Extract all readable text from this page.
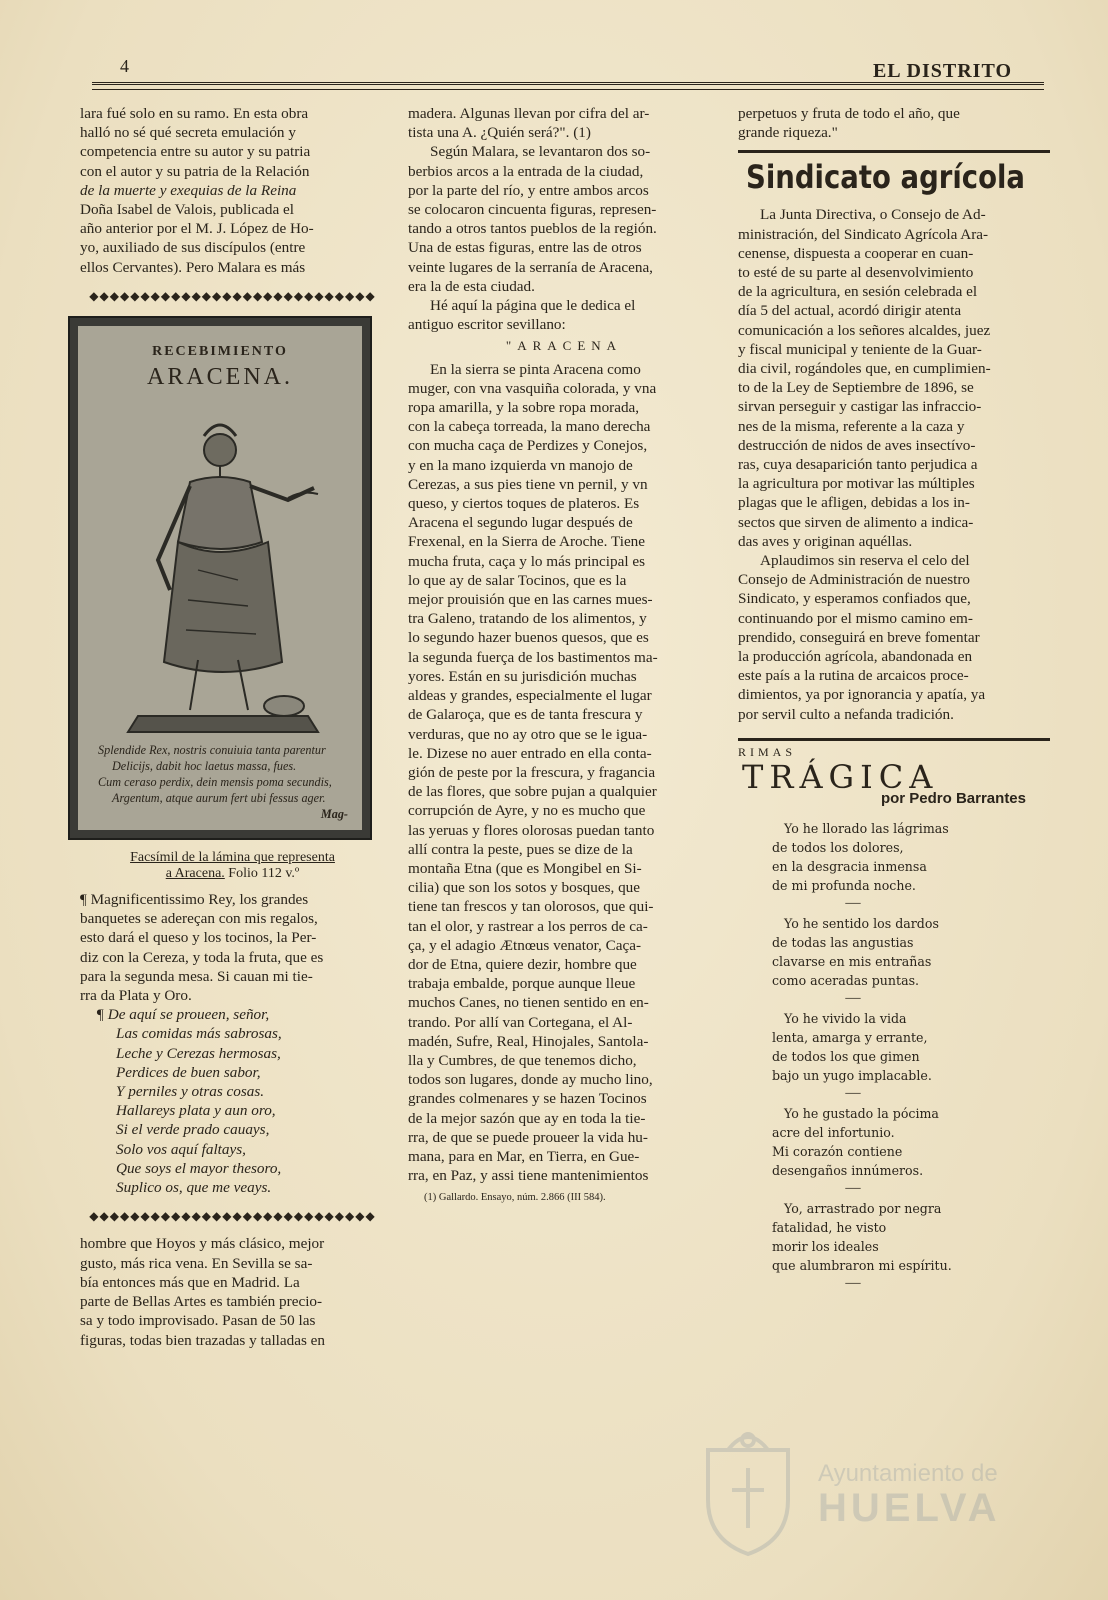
4	EL DISTRITO

lara fué solo en su ramo. En esta obra

halló no sé qué secreta emulación y

competencia entre su autor y su patria

con el autor y su patria de la Relación

de la muerte y exequias de la Reina

Doña Isabel de Valois, publicada el

año anterior por el M. J. López de Ho-

yo, auxiliado de sus discípulos (entre

ellos Cervantes). Pero Malara es más

◆◆◆◆◆◆◆◆◆◆◆◆◆◆◆◆◆◆◆◆◆◆◆◆◆◆◆◆
RECEBIMIENTO
ARACENA.
Splendide Rex, nostris conuiuia tanta parentur
Delicijs, dabit hoc laetus massa, fues.
Cum ceraso perdix, dein mensis poma secundis,
Argentum, atque aurum fert ubi fessus ager.
Mag-
Facsímil de la lámina que representa
a Aracena. Folio 112 v.º

¶ Magnificentissimo Rey, los grandes

banquetes se adereçan con mis regalos,

esto dará el queso y los tocinos, la Per-

diz con la Cereza, y toda la fruta, que es

para la segunda mesa. Si cauan mi tie-

rra da Plata y Oro.

¶ De aquí se proueen, señor,
Las comidas más sabrosas,
Leche y Cerezas hermosas,
Perdices de buen sabor,
Y perniles y otras cosas.
Hallareys plata y aun oro,
Si el verde prado cauays,
Solo vos aquí faltays,
Que soys el mayor thesoro,
Suplico os, que me veays.
◆◆◆◆◆◆◆◆◆◆◆◆◆◆◆◆◆◆◆◆◆◆◆◆◆◆◆◆

hombre que Hoyos y más clásico, mejor

gusto, más rica vena. En Sevilla se sa-

bía entonces más que en Madrid. La

parte de Bellas Artes es también precio-

sa y todo improvisado. Pasan de 50 las

figuras, todas bien trazadas y talladas en

madera. Algunas llevan por cifra del ar-

tista una A. ¿Quién será?". (1)

Según Malara, se levantaron dos so-

berbios arcos a la entrada de la ciudad,

por la parte del río, y entre ambos arcos

se colocaron cincuenta figuras, represen-

tando a otros tantos pueblos de la región.

Una de estas figuras, entre las de otros

veinte lugares de la serranía de Aracena,

era la de esta ciudad.

Hé aquí la página que le dedica el

antiguo escritor sevillano:

"ARACENA

En la sierra se pinta Aracena como

muger, con vna vasquiña colorada, y vna

ropa amarilla, y la sobre ropa morada,

con la cabeça torreada, la mano derecha

con mucha caça de Perdizes y Conejos,

y en la mano izquierda vn manojo de

Cerezas, a sus pies tiene vn pernil, y vn

queso, y ciertos toques de plateros. Es

Aracena el segundo lugar después de

Frexenal, en la Sierra de Aroche. Tiene

mucha fruta, caça y lo más principal es

lo que ay de salar Tocinos, que es la

mejor prouisión que en las carnes mues-

tra Galeno, tratando de los alimentos, y

lo segundo hazer buenos quesos, que es

la segunda fuerça de los bastimentos ma-

yores. Están en su jurisdición muchas

aldeas y grandes, especialmente el lugar

de Galaroça, que es de tanta frescura y

verduras, que no ay otro que se le igua-

le. Dizese no auer entrado en ella conta-

gión de peste por la frescura, y fragancia

de las flores, que sobre pujan a qualquier

corrupción de Ayre, y no es mucho que

las yeruas y flores olorosas puedan tanto

allí contra la peste, pues se dize de la

montaña Etna (que es Mongibel en Si-

cilia) que son los sotos y bosques, que

tiene tan frescos y tan olorosos, que qui-

tan el olor, y rastrear a los perros de ca-

ça, y el adagio Ætnœus venator, Caça-

dor de Etna, quiere dezir, hombre que

trabaja embalde, porque aunque lleue

muchos Canes, no tienen sentido en en-

trando. Por allí van Cortegana, el Al-

madén, Sufre, Real, Hinojales, Santola-

lla y Cumbres, de que tenemos dicho,

todos son lugares, donde ay mucho lino,

grandes colmenares y se hazen Tocinos

de la mejor sazón que ay en toda la tie-

rra, de que se puede proueer la vida hu-

mana, para en Mar, en Tierra, en Gue-

rra, en Paz, y assi tiene mantenimientos

(1) Gallardo. Ensayo, núm. 2.866 (III 584).

perpetuos y fruta de todo el año, que

grande riqueza."

Sindicato agrícola

La Junta Directiva, o Consejo de Ad-

ministración, del Sindicato Agrícola Ara-

cenense, dispuesta a cooperar en cuan-

to esté de su parte al desenvolvimiento

de la agricultura, en sesión celebrada el

día 5 del actual, acordó dirigir atenta

comunicación a los señores alcaldes, juez

y fiscal municipal y teniente de la Guar-

dia civil, rogándoles que, en cumplimien-

to de la Ley de Septiembre de 1896, se

sirvan perseguir y castigar las infraccio-

nes de la misma, referente a la caza y

destrucción de nidos de aves insectívo-

ras, cuya desaparición tanto perjudica a

la agricultura por motivar las múltiples

plagas que le afligen, debidas a los in-

sectos que sirven de alimento a indica-

das aves y originan aquéllas.

Aplaudimos sin reserva el celo del

Consejo de Administración de nuestro

Sindicato, y esperamos confiados que,

continuando por el mismo camino em-

prendido, conseguirá en breve fomentar

la producción agrícola, abandonada en

este país a la rutina de arcaicos proce-

dimientos, ya por ignorancia y apatía, ya

por servil culto a nefanda tradición.

RIMAS
TRÁGICA
por Pedro Barrantes
Yo he llorado las lágrimas
de todos los dolores,
en la desgracia inmensa
de mi profunda noche.
—
Yo he sentido los dardos
de todas las angustias
clavarse en mis entrañas
como aceradas puntas.
—
Yo he vivido la vida
lenta, amarga y errante,
de todos los que gimen
bajo un yugo implacable.
—
Yo he gustado la pócima
acre del infortunio.
Mi corazón contiene
desengaños innúmeros.
—
Yo, arrastrado por negra
fatalidad, he visto
morir los ideales
que alumbraron mi espíritu.
—
Ayuntamiento de
HUELVA
